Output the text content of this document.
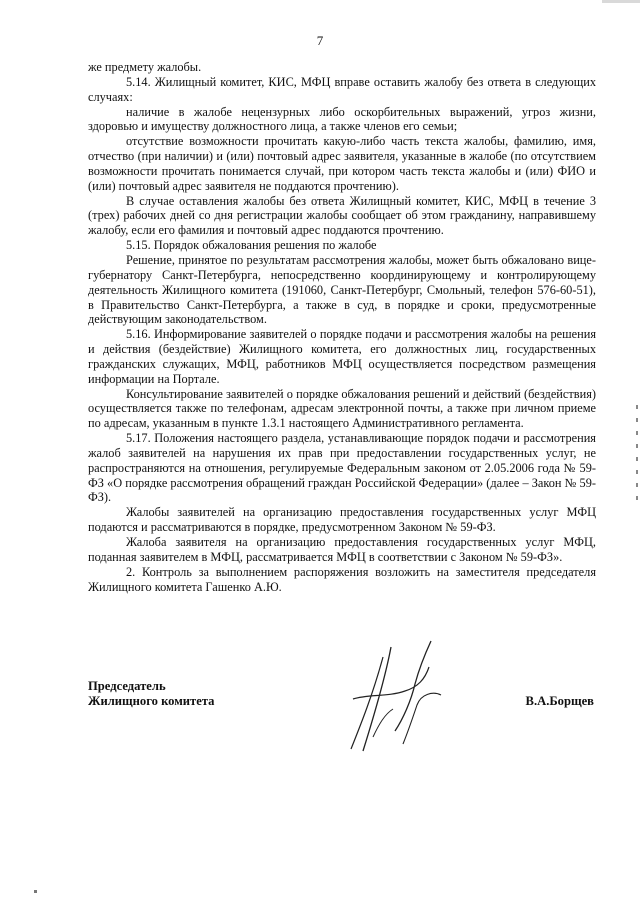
7

же предмету жалобы.

5.14. Жилищный комитет, КИС, МФЦ вправе оставить жалобу без ответа в следующих случаях:

наличие в жалобе нецензурных либо оскорбительных выражений, угроз жизни, здоровью и имуществу должностного лица, а также членов его семьи;

отсутствие возможности прочитать какую-либо часть текста жалобы, фамилию, имя, отчество (при наличии) и (или) почтовый адрес заявителя, указанные в жалобе (по отсутствием возможности прочитать понимается случай, при котором часть текста жалобы и (или) ФИО и (или) почтовый адрес заявителя не поддаются прочтению).

В случае оставления жалобы без ответа Жилищный комитет, КИС, МФЦ в течение 3 (трех) рабочих дней со дня регистрации жалобы сообщает об этом гражданину, направившему жалобу, если его фамилия и почтовый адрес поддаются прочтению.

5.15. Порядок обжалования решения по жалобе

Решение, принятое по результатам рассмотрения жалобы, может быть обжаловано вице-губернатору Санкт-Петербурга, непосредственно координирующему и контролирующему деятельность Жилищного комитета (191060, Санкт-Петербург, Смольный, телефон 576-60-51), в Правительство Санкт-Петербурга, а также в суд, в порядке и сроки, предусмотренные действующим законодательством.

5.16. Информирование заявителей о порядке подачи и рассмотрения жалобы на решения и действия (бездействие) Жилищного комитета, его должностных лиц, государственных гражданских служащих, МФЦ, работников МФЦ осуществляется посредством размещения информации на Портале.

Консультирование заявителей о порядке обжалования решений и действий (бездействия) осуществляется также по телефонам, адресам электронной почты, а также при личном приеме по адресам, указанным в пункте 1.3.1 настоящего Административного регламента.

5.17. Положения настоящего раздела, устанавливающие порядок подачи и рассмотрения жалоб заявителей на нарушения их прав при предоставлении государственных услуг, не распространяются на отношения, регулируемые Федеральным законом от 2.05.2006 года № 59-ФЗ «О порядке рассмотрения обращений граждан Российской Федерации» (далее – Закон № 59-ФЗ).

Жалобы заявителей на организацию предоставления государственных услуг МФЦ подаются и рассматриваются в порядке, предусмотренном Законом № 59-ФЗ.

Жалоба заявителя на организацию предоставления государственных услуг МФЦ, поданная заявителем в МФЦ, рассматривается МФЦ в соответствии с Законом № 59-ФЗ».

2. Контроль за выполнением распоряжения возложить на заместителя председателя Жилищного комитета Гашенко А.Ю.

Председатель
Жилищного комитета	В.А.Борщев
